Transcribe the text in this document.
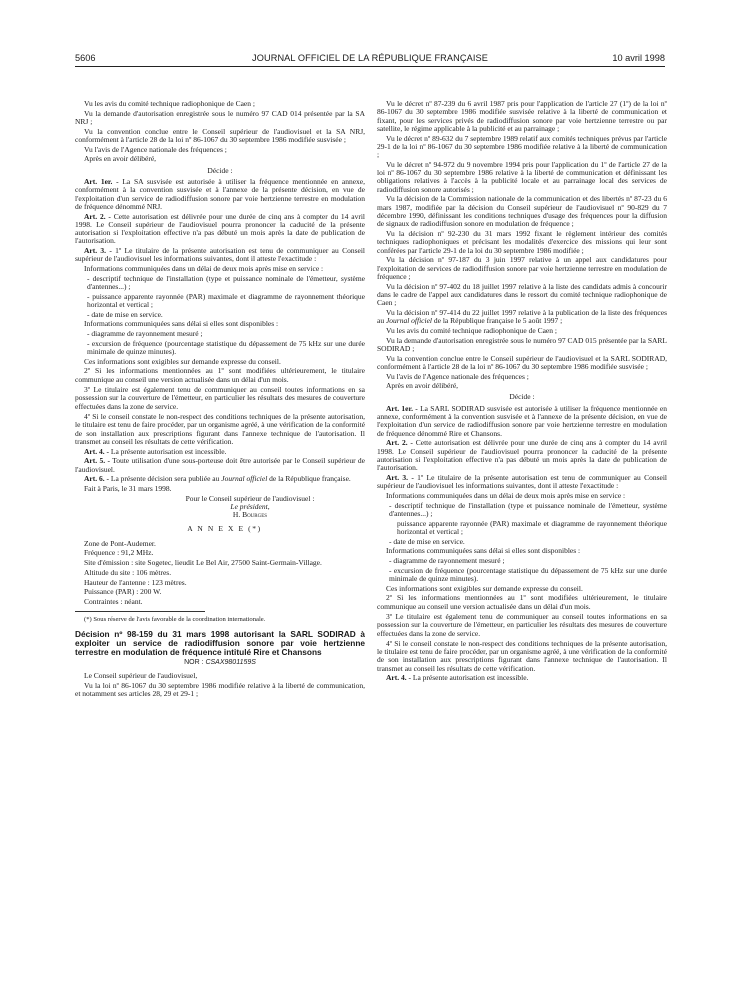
5606	JOURNAL OFFICIEL DE LA RÉPUBLIQUE FRANÇAISE	10 avril 1998

Vu les avis du comité technique radiophonique de Caen ;

Vu la demande d'autorisation enregistrée sous le numéro 97 CAD 014 présentée par la SA NRJ ;

Vu la convention conclue entre le Conseil supérieur de l'audiovisuel et la SA NRJ, conformément à l'article 28 de la loi nº 86-1067 du 30 septembre 1986 modifiée susvisée ;

Vu l'avis de l'Agence nationale des fréquences ;

Après en avoir délibéré,

Décide :

Art. 1er. - La SA susvisée est autorisée à utiliser la fréquence mentionnée en annexe, conformément à la convention susvisée et à l'annexe de la présente décision, en vue de l'exploitation d'un service de radiodiffusion sonore par voie hertzienne terrestre en modulation de fréquence dénommé NRJ.

Art. 2. - Cette autorisation est délivrée pour une durée de cinq ans à compter du 14 avril 1998. Le Conseil supérieur de l'audiovisuel pourra prononcer la caducité de la présente autorisation si l'exploitation effective n'a pas débuté un mois après la date de publication de l'autorisation.

Art. 3. - 1º Le titulaire de la présente autorisation est tenu de communiquer au Conseil supérieur de l'audiovisuel les informations suivantes, dont il atteste l'exactitude :

Informations communiquées dans un délai de deux mois après mise en service :

- descriptif technique de l'installation (type et puissance nominale de l'émetteur, système d'antennes...) ;

- puissance apparente rayonnée (PAR) maximale et diagramme de rayonnement théorique horizontal et vertical ;

- date de mise en service.

Informations communiquées sans délai si elles sont disponibles :

- diagramme de rayonnement mesuré ;

- excursion de fréquence (pourcentage statistique du dépassement de 75 kHz sur une durée minimale de quinze minutes).

Ces informations sont exigibles sur demande expresse du conseil.

2º Si les informations mentionnées au 1º sont modifiées ultérieurement, le titulaire communique au conseil une version actualisée dans un délai d'un mois.

3º Le titulaire est également tenu de communiquer au conseil toutes informations en sa possession sur la couverture de l'émetteur, en particulier les résultats des mesures de couverture effectuées dans la zone de service.

4º Si le conseil constate le non-respect des conditions techniques de la présente autorisation, le titulaire est tenu de faire procéder, par un organisme agréé, à une vérification de la conformité de son installation aux prescriptions figurant dans l'annexe technique de l'autorisation. Il transmet au conseil les résultats de cette vérification.

Art. 4. - La présente autorisation est incessible.

Art. 5. - Toute utilisation d'une sous-porteuse doit être autorisée par le Conseil supérieur de l'audiovisuel.

Art. 6. - La présente décision sera publiée au Journal officiel de la République française.

Fait à Paris, le 31 mars 1998.

Pour le Conseil supérieur de l'audiovisuel :

Le président,

H. Bourges

A N N E X E (*)

Zone de Pont-Audemer.

Fréquence : 91,2 MHz.

Site d'émission : site Sogetec, lieudit Le Bel Air, 27500 Saint-Germain-Village.

Altitude du site : 106 mètres.

Hauteur de l'antenne : 123 mètres.

Puissance (PAR) : 200 W.

Contraintes : néant.

(*) Sous réserve de l'avis favorable de la coordination internationale.

Décision nº 98-159 du 31 mars 1998 autorisant la SARL SODIRAD à exploiter un service de radiodiffusion sonore par voie hertzienne terrestre en modulation de fréquence intitulé Rire et Chansons

NOR : CSAX9801159S

Le Conseil supérieur de l'audiovisuel,

Vu la loi nº 86-1067 du 30 septembre 1986 modifiée relative à la liberté de communication, et notamment ses articles 28, 29 et 29-1 ;

Vu le décret nº 87-239 du 6 avril 1987 pris pour l'application de l'article 27 (1º) de la loi nº 86-1067 du 30 septembre 1986 modifiée susvisée relative à la liberté de communication et fixant, pour les services privés de radiodiffusion sonore par voie hertzienne terrestre ou par satellite, le régime applicable à la publicité et au parrainage ;

Vu le décret nº 89-632 du 7 septembre 1989 relatif aux comités techniques prévus par l'article 29-1 de la loi nº 86-1067 du 30 septembre 1986 modifiée relative à la liberté de communication ;

Vu le décret nº 94-972 du 9 novembre 1994 pris pour l'application du 1º de l'article 27 de la loi nº 86-1067 du 30 septembre 1986 relative à la liberté de communication et définissant les obligations relatives à l'accès à la publicité locale et au parrainage local des services de radiodiffusion sonore autorisés ;

Vu la décision de la Commission nationale de la communication et des libertés nº 87-23 du 6 mars 1987, modifiée par la décision du Conseil supérieur de l'audiovisuel nº 90-829 du 7 décembre 1990, définissant les conditions techniques d'usage des fréquences pour la diffusion de signaux de radiodiffusion sonore en modulation de fréquence ;

Vu la décision nº 92-230 du 31 mars 1992 fixant le règlement intérieur des comités techniques radiophoniques et précisant les modalités d'exercice des missions qui leur sont conférées par l'article 29-1 de la loi du 30 septembre 1986 modifiée ;

Vu la décision nº 97-187 du 3 juin 1997 relative à un appel aux candidatures pour l'exploitation de services de radiodiffusion sonore par voie hertzienne terrestre en modulation de fréquence ;

Vu la décision nº 97-402 du 18 juillet 1997 relative à la liste des candidats admis à concourir dans le cadre de l'appel aux candidatures dans le ressort du comité technique radiophonique de Caen ;

Vu la décision nº 97-414 du 22 juillet 1997 relative à la publication de la liste des fréquences au Journal officiel de la République française le 5 août 1997 ;

Vu les avis du comité technique radiophonique de Caen ;

Vu la demande d'autorisation enregistrée sous le numéro 97 CAD 015 présentée par la SARL SODIRAD ;

Vu la convention conclue entre le Conseil supérieur de l'audiovisuel et la SARL SODIRAD, conformément à l'article 28 de la loi nº 86-1067 du 30 septembre 1986 modifiée susvisée ;

Vu l'avis de l'Agence nationale des fréquences ;

Après en avoir délibéré,

Décide :

Art. 1er. - La SARL SODIRAD susvisée est autorisée à utiliser la fréquence mentionnée en annexe, conformément à la convention susvisée et à l'annexe de la présente décision, en vue de l'exploitation d'un service de radiodiffusion sonore par voie hertzienne terrestre en modulation de fréquence dénommé Rire et Chansons.

Art. 2. - Cette autorisation est délivrée pour une durée de cinq ans à compter du 14 avril 1998. Le Conseil supérieur de l'audiovisuel pourra prononcer la caducité de la présente autorisation si l'exploitation effective n'a pas débuté un mois après la date de publication de l'autorisation.

Art. 3. - 1º Le titulaire de la présente autorisation est tenu de communiquer au Conseil supérieur de l'audiovisuel les informations suivantes, dont il atteste l'exactitude :

Informations communiquées dans un délai de deux mois après mise en service :

- descriptif technique de l'installation (type et puissance nominale de l'émetteur, système d'antennes...) ;

puissance apparente rayonnée (PAR) maximale et diagramme de rayonnement théorique horizontal et vertical ;

- date de mise en service.

Informations communiquées sans délai si elles sont disponibles :

- diagramme de rayonnement mesuré ;

- excursion de fréquence (pourcentage statistique du dépassement de 75 kHz sur une durée minimale de quinze minutes).

Ces informations sont exigibles sur demande expresse du conseil.

2º Si les informations mentionnées au 1º sont modifiées ultérieurement, le titulaire communique au conseil une version actualisée dans un délai d'un mois.

3º Le titulaire est également tenu de communiquer au conseil toutes informations en sa possession sur la couverture de l'émetteur, en particulier les résultats des mesures de couverture effectuées dans la zone de service.

4º Si le conseil constate le non-respect des conditions techniques de la présente autorisation, le titulaire est tenu de faire procéder, par un organisme agréé, à une vérification de la conformité de son installation aux prescriptions figurant dans l'annexe technique de l'autorisation. Il transmet au conseil les résultats de cette vérification.

Art. 4. - La présente autorisation est incessible.
